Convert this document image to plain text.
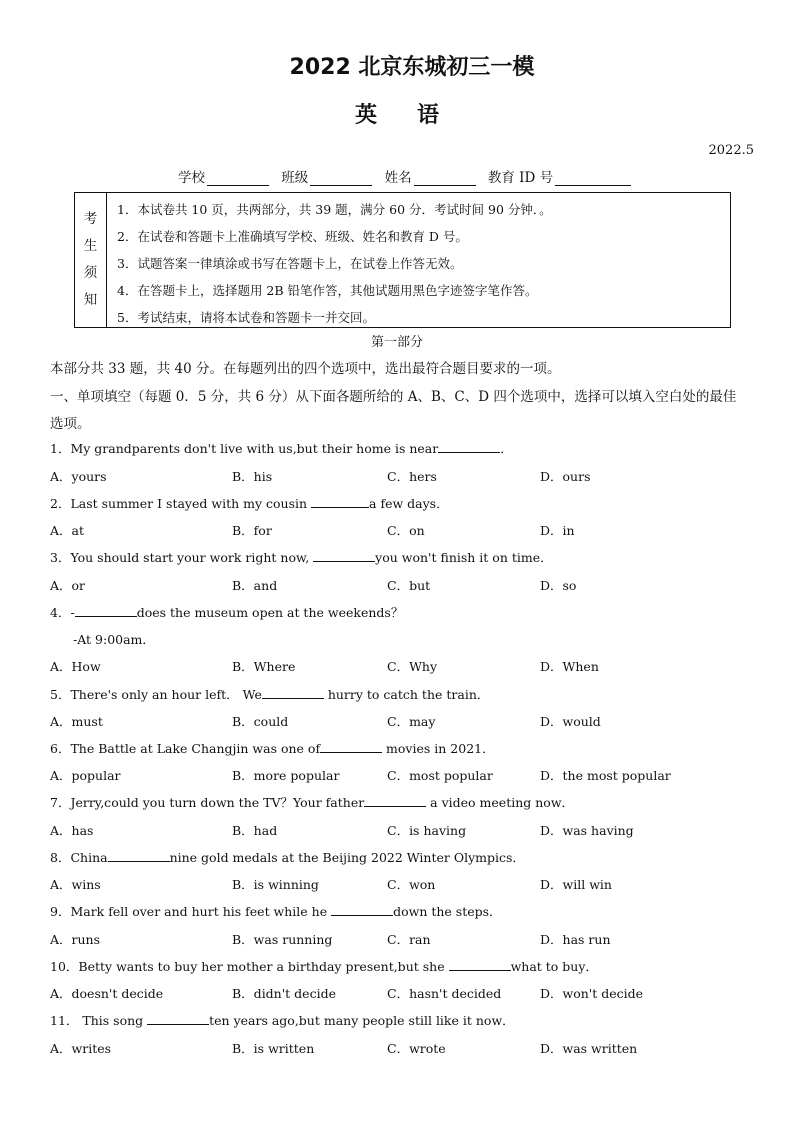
2022 北京东城初三一模
英语
2022.5
学校	班级	姓名	教育 ID 号
考
生
须
知
1．本试卷共 10 页，共两部分，共 39 题，满分 60 分．考试时间 90 分钟．。
2．在试卷和答题卡上准确填写学校、班级、姓名和教育 D 号。
3．试题答案一律填涂或书写在答题卡上，在试卷上作答无效。
4．在答题卡上，选择题用 2B 铅笔作答，其他试题用黑色字迹签字笔作答。
5．考试结束，请将本试卷和答题卡一并交回。
第一部分
本部分共 33 题，共 40 分。在每题列出的四个选项中，选出最符合题目要求的一项。
一、单项填空（每题 0．5 分，共 6 分）从下面各题所给的 A、B、C、D 四个选项中，选择可以填入空白处的最佳
选项。
1．My grandparents don't live with us,but their home is near	．
A．yours	B．his	C．hers	D．ours
2．Last summer I stayed with my cousin	a few days．
A．at	B．for	C．on	D．in
3．You should start your work right now,	you won't finish it on time．
A．or	B．and	C．but	D．so
4．-	does the museum open at the weekends？
-At 9:00am．
A．How	B．Where	C．Why	D．When
5．There's only an hour left． We	hurry to catch the train．
A．must	B．could	C．may	D．would
6．The Battle at Lake Changjin was one of	movies in 2021．
A．popular	B．more popular	C．most popular	D．the most popular
7．Jerry,could you turn down the TV？Your father	a video meeting now．
A．has	B．had	C．is having	D．was having
8．China	nine gold medals at the Beijing 2022 Winter Olympics．
A．wins	B．is winning	C．won	D．will win
9．Mark fell over and hurt his feet while he	down the steps．
A．runs	B．was running	C．ran	D．has run
10．Betty wants to buy her mother a birthday present,but she	what to buy．
A．doesn't decide	B．didn't decide	C．hasn't decided	D．won't decide
11． This song	ten years ago,but many people still like it now．
A．writes	B．is written	C．wrote	D．was written
